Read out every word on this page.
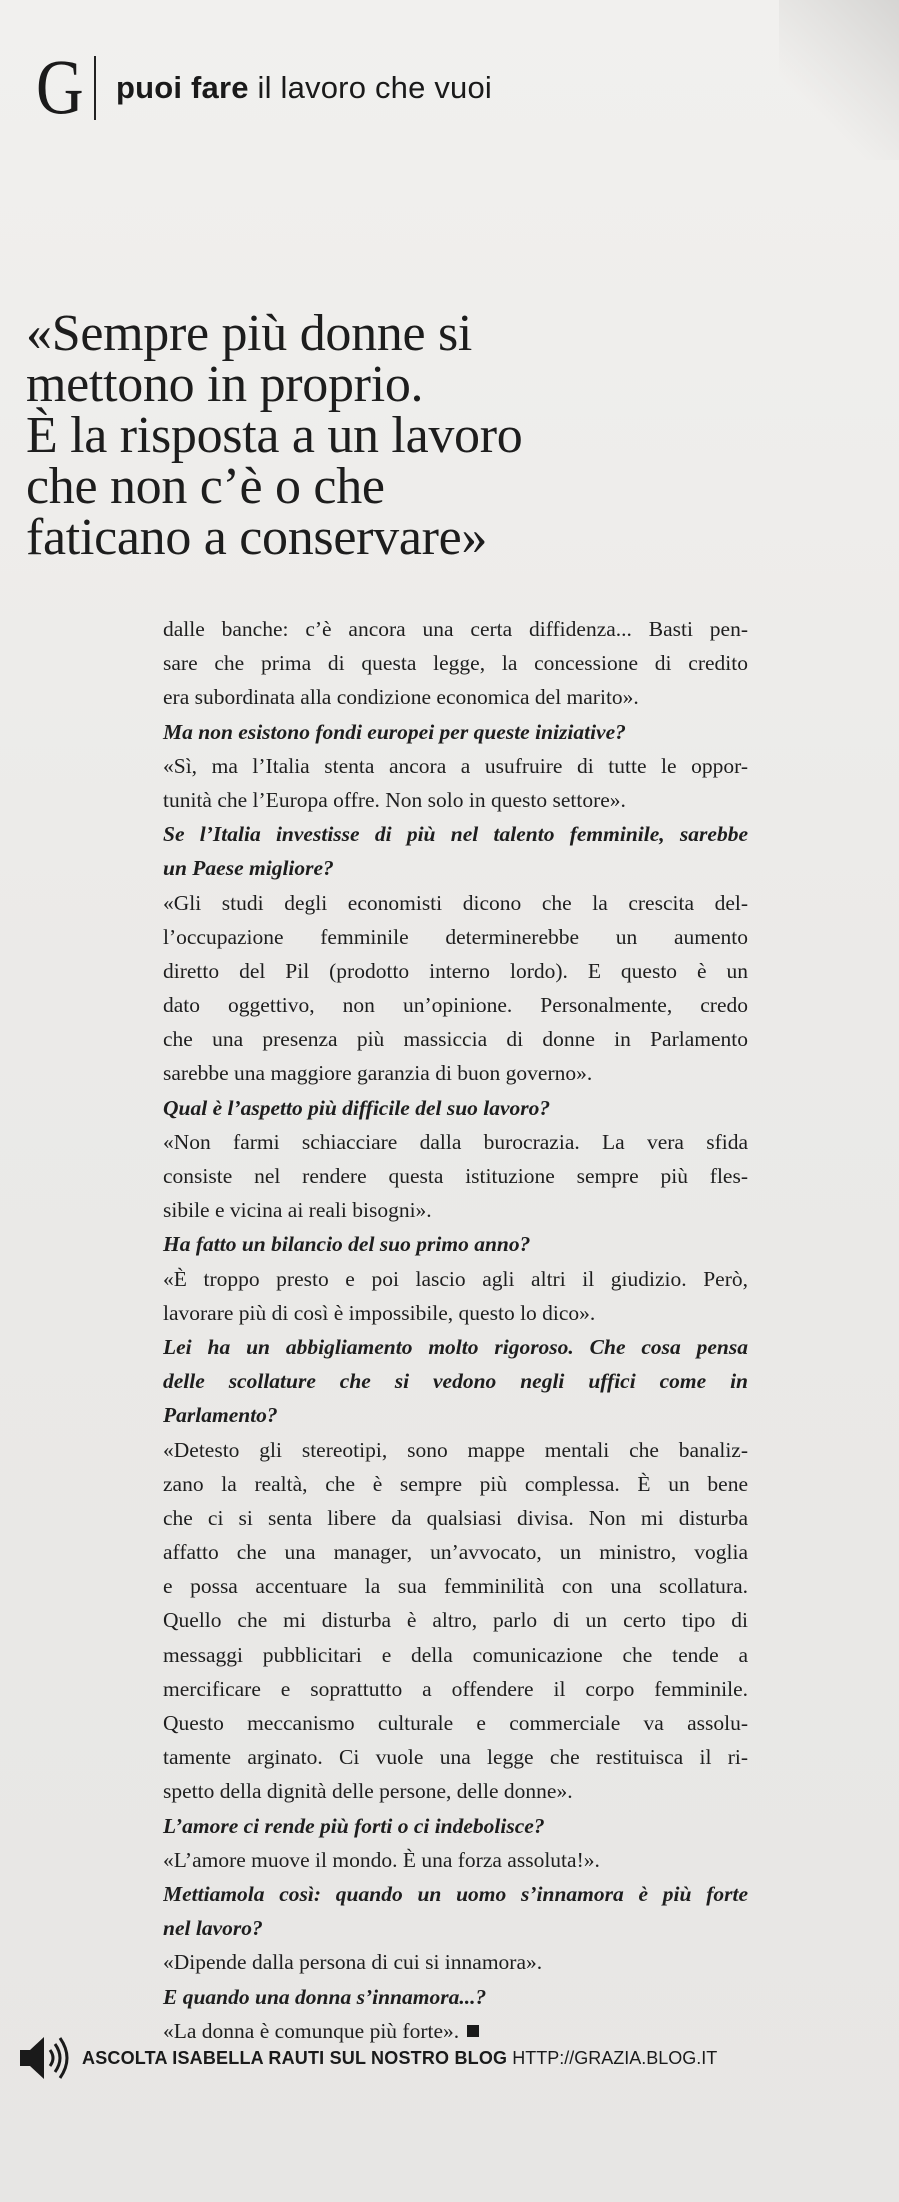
G puoi fare il lavoro che vuoi
«Sempre più donne si
mettono in proprio.
È la risposta a un lavoro
che non c’è o che
faticano a conservare»
dalle banche: c’è ancora una certa diffidenza... Basti pen-
sare che prima di questa legge, la concessione di credito
era subordinata alla condizione economica del marito».
Ma non esistono fondi europei per queste iniziative?
«Sì, ma l’Italia stenta ancora a usufruire di tutte le oppor-
tunità che l’Europa offre. Non solo in questo settore».
Se l’Italia investisse di più nel talento femminile, sarebbe
un Paese migliore?
«Gli studi degli economisti dicono che la crescita del-
l’occupazione femminile determinerebbe un aumento
diretto del Pil (prodotto interno lordo). E questo è un
dato oggettivo, non un’opinione. Personalmente, credo
che una presenza più massiccia di donne in Parlamento
sarebbe una maggiore garanzia di buon governo».
Qual è l’aspetto più difficile del suo lavoro?
«Non farmi schiacciare dalla burocrazia. La vera sfida
consiste nel rendere questa istituzione sempre più fles-
sibile e vicina ai reali bisogni».
Ha fatto un bilancio del suo primo anno?
«È troppo presto e poi lascio agli altri il giudizio. Però,
lavorare più di così è impossibile, questo lo dico».
Lei ha un abbigliamento molto rigoroso. Che cosa pensa
delle scollature che si vedono negli uffici come in
Parlamento?
«Detesto gli stereotipi, sono mappe mentali che banaliz-
zano la realtà, che è sempre più complessa. È un bene
che ci si senta libere da qualsiasi divisa. Non mi disturba
affatto che una manager, un’avvocato, un ministro, voglia
e possa accentuare la sua femminilità con una scollatura.
Quello che mi disturba è altro, parlo di un certo tipo di
messaggi pubblicitari e della comunicazione che tende a
mercificare e soprattutto a offendere il corpo femminile.
Questo meccanismo culturale e commerciale va assolu-
tamente arginato. Ci vuole una legge che restituisca il ri-
spetto della dignità delle persone, delle donne».
L’amore ci rende più forti o ci indebolisce?
«L’amore muove il mondo. È una forza assoluta!».
Mettiamola così: quando un uomo s’innamora è più forte
nel lavoro?
«Dipende dalla persona di cui si innamora».
E quando una donna s’innamora...?
«La donna è comunque più forte».
ASCOLTA ISABELLA RAUTI SUL NOSTRO BLOG HTTP://GRAZIA.BLOG.IT
